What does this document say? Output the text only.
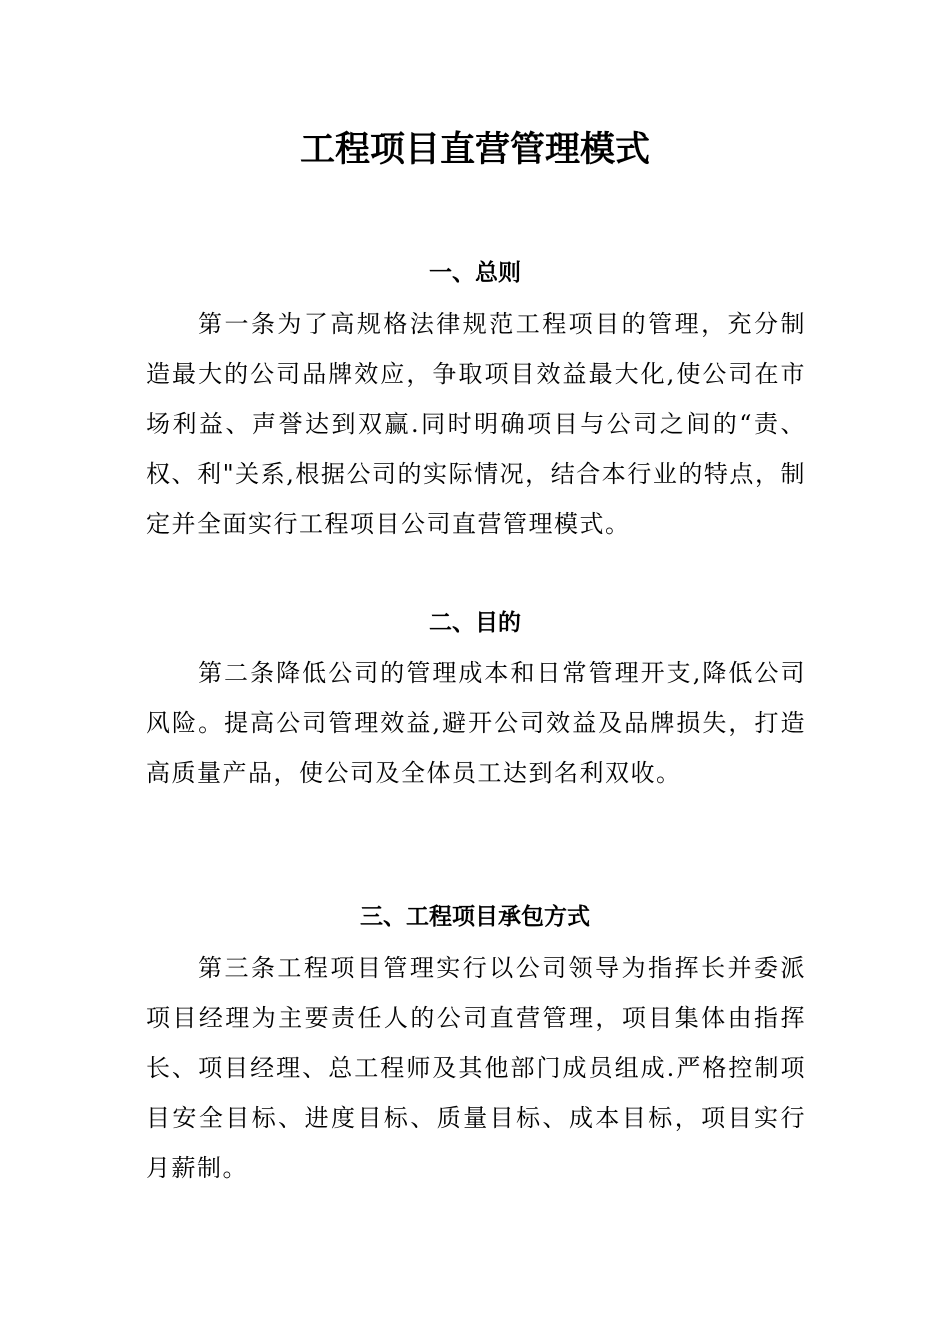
工程项目直营管理模式
一、总则

第一条为了高规格法律规范工程项目的管理，充分制造最大的公司品牌效应，争取项目效益最大化,使公司在市场利益、声誉达到双赢.同时明确项目与公司之间的“责、权、利"关系,根据公司的实际情况，结合本行业的特点，制定并全面实行工程项目公司直营管理模式。

二、目的

第二条降低公司的管理成本和日常管理开支,降低公司风险。提高公司管理效益,避开公司效益及品牌损失，打造高质量产品，使公司及全体员工达到名利双收。

三、工程项目承包方式

第三条工程项目管理实行以公司领导为指挥长并委派项目经理为主要责任人的公司直营管理，项目集体由指挥长、项目经理、总工程师及其他部门成员组成.严格控制项目安全目标、进度目标、质量目标、成本目标，项目实行月薪制。
